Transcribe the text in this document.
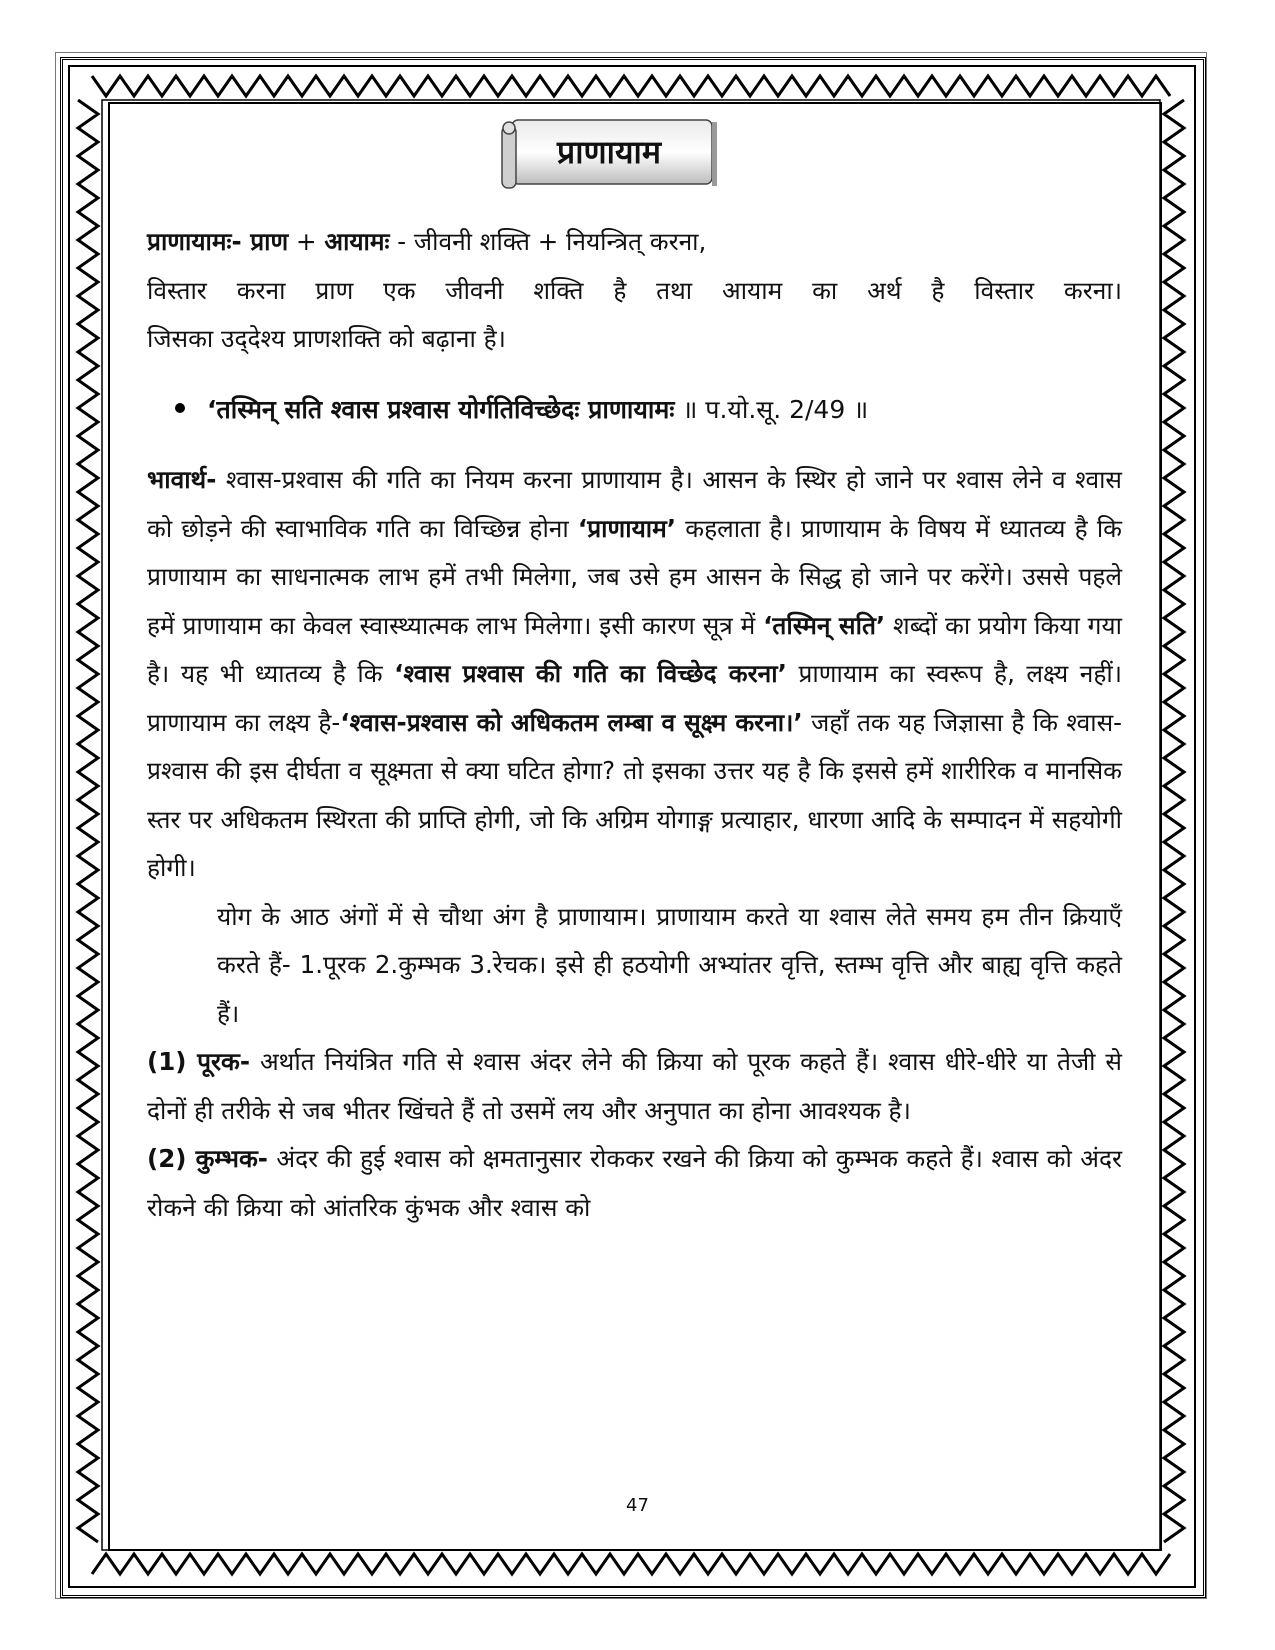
प्राणायाम

प्राणायामः- प्राण + आयामः - जीवनी शक्ति + नियन्त्रित् करना,

विस्तार करना प्राण एक जीवनी शक्ति है तथा आयाम का अर्थ है विस्तार करना।

जिसका उद्‌देश्य प्राणशक्ति को बढ़ाना है।

‘तस्मिन् सति श्वास प्रश्वास योर्गतिविच्छेदः प्राणायामः ॥ प.यो.सू. 2/49 ॥

भावार्थ- श्वास-प्रश्वास की गति का नियम करना प्राणायाम है। आसन के स्थिर हो जाने पर श्वास लेने व श्वास को छोड़ने की स्वाभाविक गति का विच्छिन्न होना ‘प्राणायाम’ कहलाता है। प्राणायाम के विषय में ध्यातव्य है कि प्राणायाम का साधनात्मक लाभ हमें तभी मिलेगा, जब उसे हम आसन के सिद्ध हो जाने पर करेंगे। उससे पहले हमें प्राणायाम का केवल स्वास्थ्यात्मक लाभ मिलेगा। इसी कारण सूत्र में ‘तस्मिन् सति’ शब्दों का प्रयोग किया गया है। यह भी ध्यातव्य है कि ‘श्वास प्रश्वास की गति का विच्छेद करना’ प्राणायाम का स्वरूप है, लक्ष्य नहीं। प्राणायाम का लक्ष्य है-‘श्वास-प्रश्वास को अधिकतम लम्बा व सूक्ष्म करना।’ जहाँ तक यह जिज्ञासा है कि श्वास-प्रश्वास की इस दीर्घता व सूक्ष्मता से क्या घटित होगा? तो इसका उत्तर यह है कि इससे हमें शारीरिक व मानसिक स्तर पर अधिकतम स्थिरता की प्राप्ति होगी, जो कि अग्रिम योगाङ्ग प्रत्याहार, धारणा आदि के सम्पादन में सहयोगी होगी।

योग के आठ अंगों में से चौथा अंग है प्राणायाम। प्राणायाम करते या श्वास लेते समय हम तीन क्रियाएँ करते हैं- 1.पूरक 2.कुम्भक 3.रेचक। इसे ही हठयोगी अभ्यांतर वृत्ति, स्तम्भ वृत्ति और बाह्य वृत्ति कहते हैं।

(1) पूरक- अर्थात नियंत्रित गति से श्वास अंदर लेने की क्रिया को पूरक कहते हैं। श्वास धीरे-धीरे या तेजी से दोनों ही तरीके से जब भीतर खिंचते हैं तो उसमें लय और अनुपात का होना आवश्यक है।

(2) कुम्भक- अंदर की हुई श्वास को क्षमतानुसार रोककर रखने की क्रिया को कुम्भक कहते हैं। श्वास को अंदर रोकने की क्रिया को आंतरिक कुंभक और श्वास को

47
